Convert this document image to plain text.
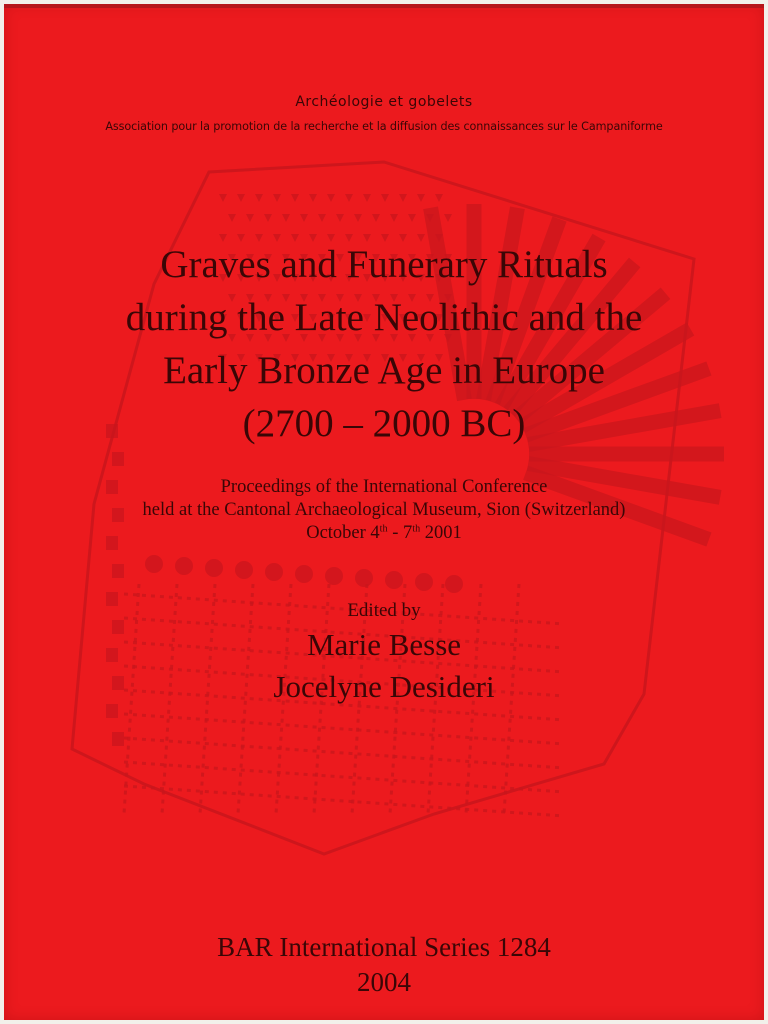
Archéologie et gobelets
Association pour la promotion de la recherche et la diffusion des connaissances sur le Campaniforme
Graves and Funerary Rituals
during the Late Neolithic and the
Early Bronze Age in Europe
(2700 – 2000 BC)
Proceedings of the International Conference
held at the Cantonal Archaeological Museum, Sion (Switzerland)
October 4th - 7th 2001
Edited by
Marie Besse
Jocelyne Desideri
BAR International Series 1284
2004
